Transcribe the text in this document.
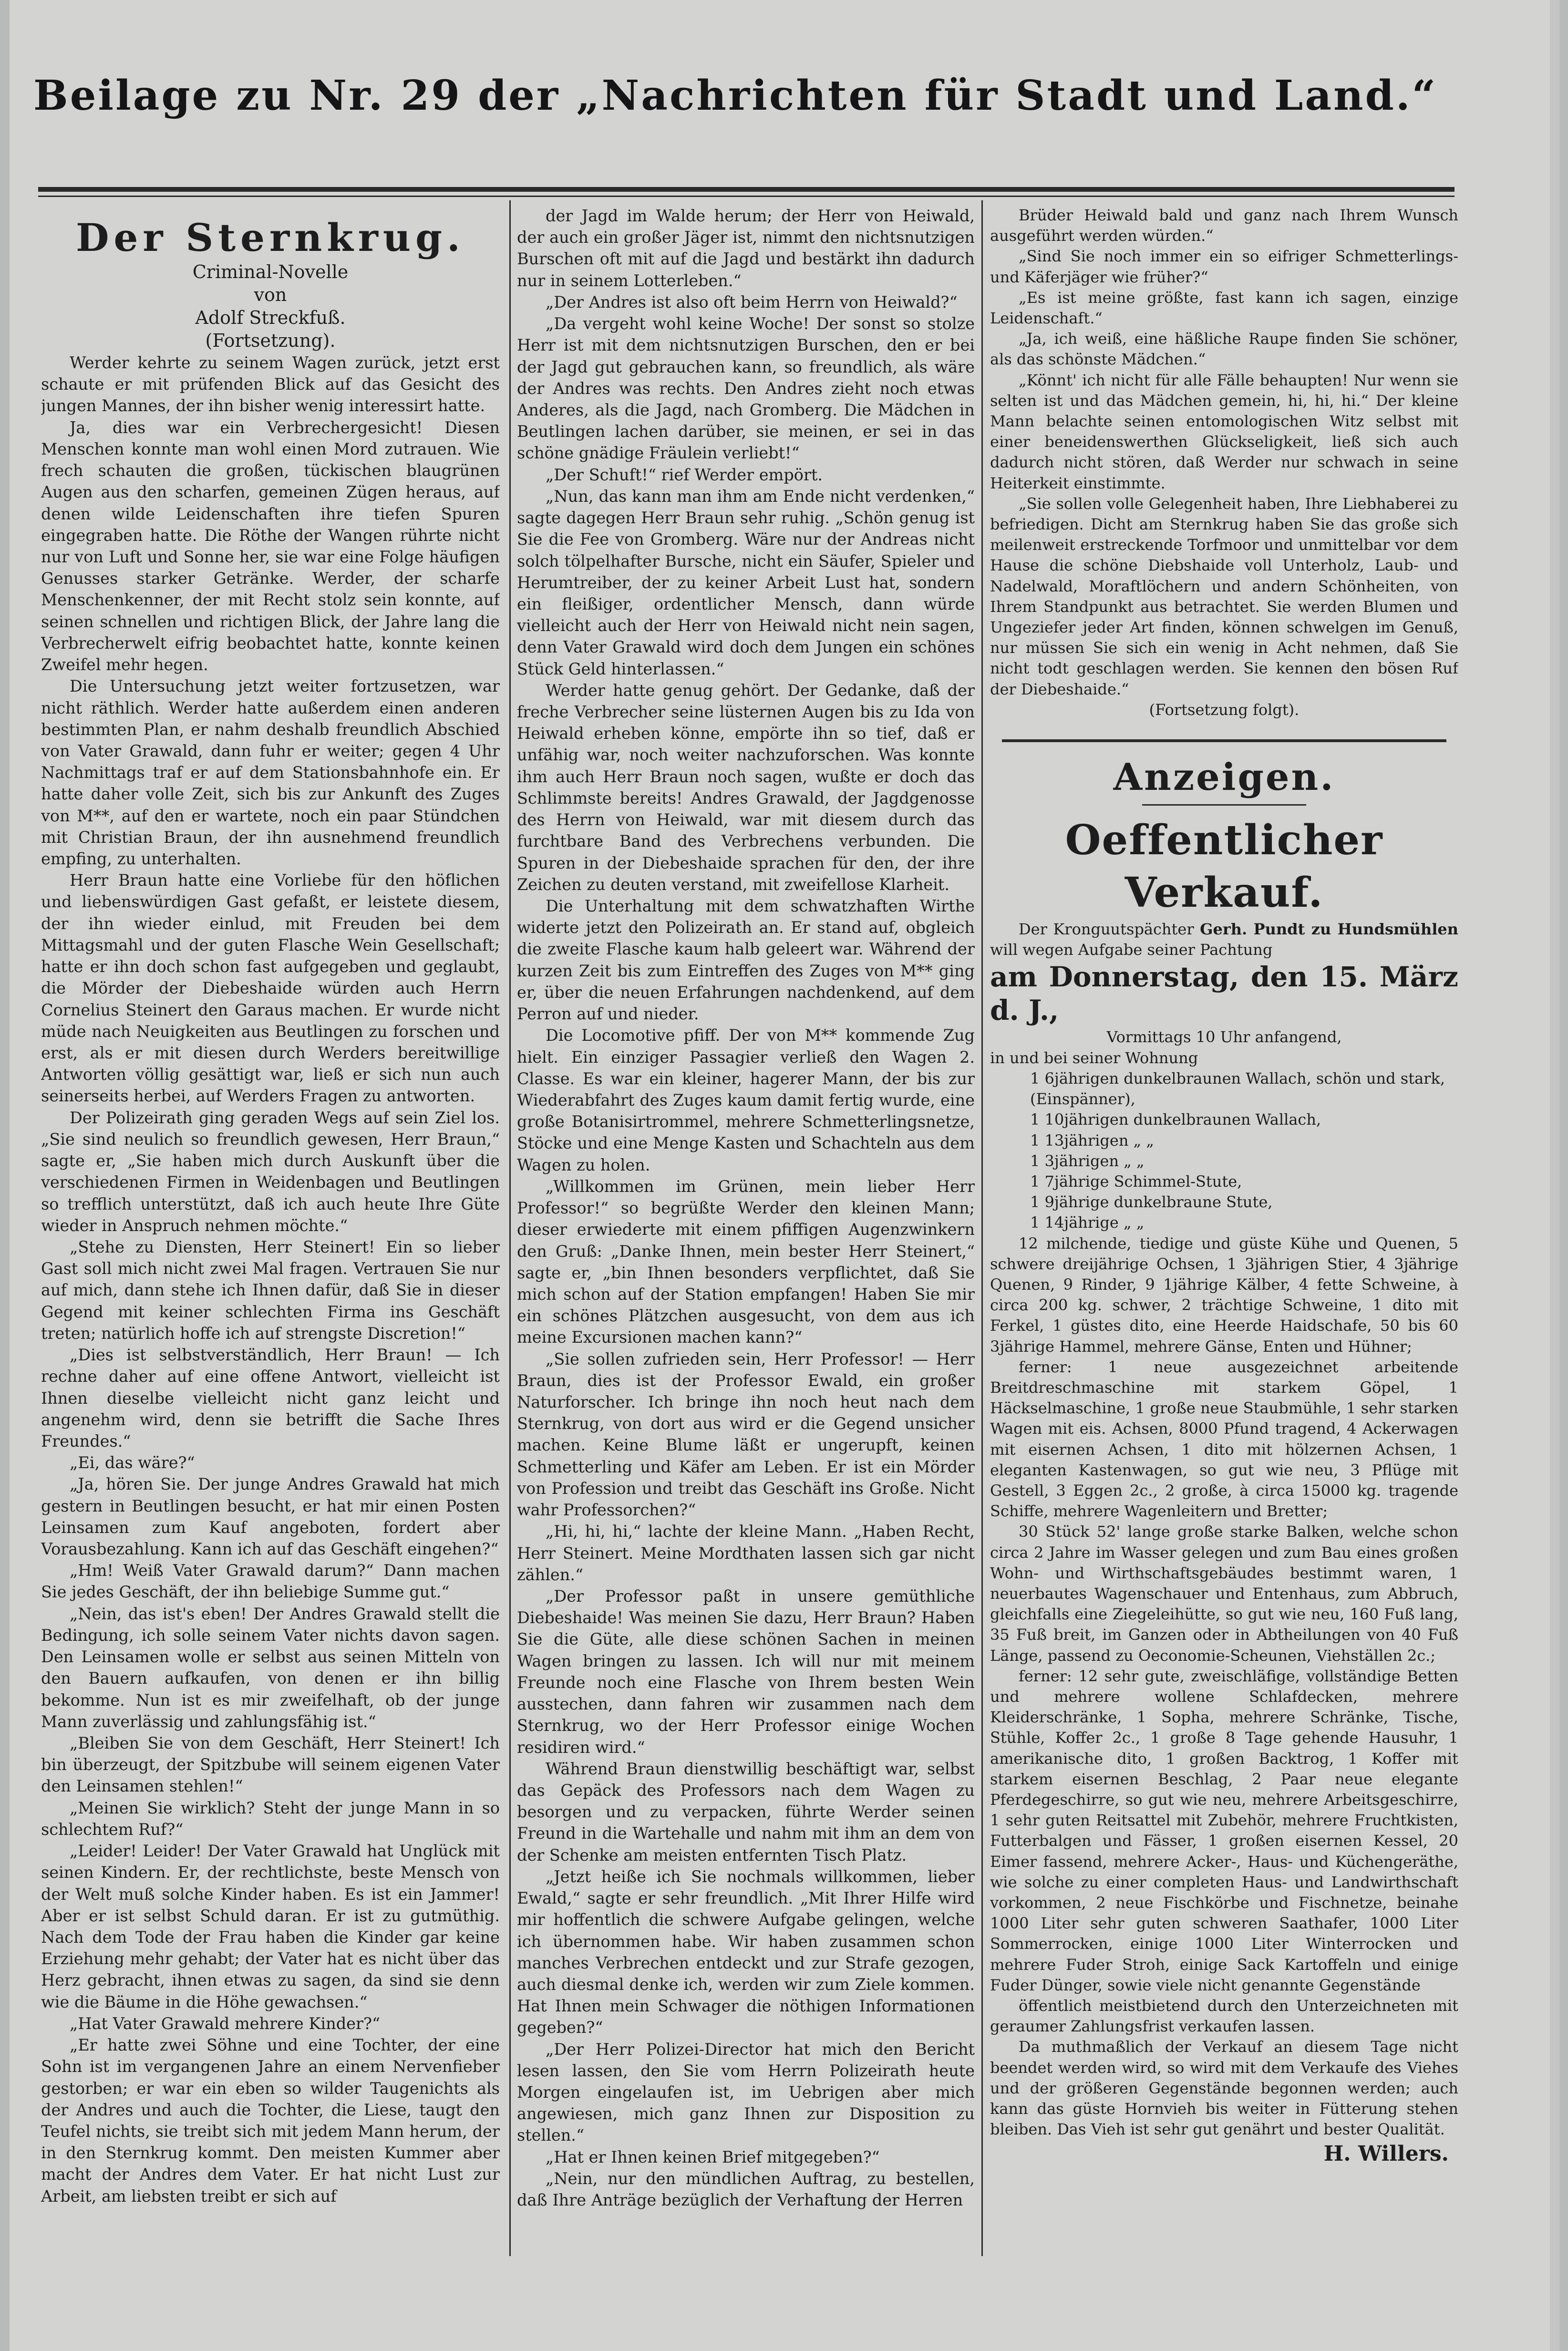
Beilage zu Nr. 29 der „Nachrichten für Stadt und Land.“
Der Sternkrug.
Criminal-Novelle
von
Adolf Streckfuß.
(Fortsetzung).

Werder kehrte zu seinem Wagen zurück, jetzt erst schaute er mit prüfenden Blick auf das Gesicht des jungen Mannes, der ihn bisher wenig interessirt hatte.

Ja, dies war ein Verbrechergesicht! Diesen Menschen konnte man wohl einen Mord zutrauen. Wie frech schauten die großen, tückischen blaugrünen Augen aus den scharfen, gemeinen Zügen heraus, auf denen wilde Leidenschaften ihre tiefen Spuren eingegraben hatte. Die Röthe der Wangen rührte nicht nur von Luft und Sonne her, sie war eine Folge häufigen Genusses starker Getränke. Werder, der scharfe Menschenkenner, der mit Recht stolz sein konnte, auf seinen schnellen und richtigen Blick, der Jahre lang die Verbrecherwelt eifrig beobachtet hatte, konnte keinen Zweifel mehr hegen.

Die Untersuchung jetzt weiter fortzusetzen, war nicht räthlich. Werder hatte außerdem einen anderen bestimmten Plan, er nahm deshalb freundlich Abschied von Vater Grawald, dann fuhr er weiter; gegen 4 Uhr Nachmittags traf er auf dem Stationsbahnhofe ein. Er hatte daher volle Zeit, sich bis zur Ankunft des Zuges von M**, auf den er wartete, noch ein paar Stündchen mit Christian Braun, der ihn ausnehmend freundlich empfing, zu unterhalten.

Herr Braun hatte eine Vorliebe für den höflichen und liebenswürdigen Gast gefaßt, er leistete diesem, der ihn wieder einlud, mit Freuden bei dem Mittagsmahl und der guten Flasche Wein Gesellschaft; hatte er ihn doch schon fast aufgegeben und geglaubt, die Mörder der Diebeshaide würden auch Herrn Cornelius Steinert den Garaus machen. Er wurde nicht müde nach Neuigkeiten aus Beutlingen zu forschen und erst, als er mit diesen durch Werders bereitwillige Antworten völlig gesättigt war, ließ er sich nun auch seinerseits herbei, auf Werders Fragen zu antworten.

Der Polizeirath ging geraden Wegs auf sein Ziel los. „Sie sind neulich so freundlich gewesen, Herr Braun,“ sagte er, „Sie haben mich durch Auskunft über die verschiedenen Firmen in Weidenbagen und Beutlingen so trefflich unterstützt, daß ich auch heute Ihre Güte wieder in Anspruch nehmen möchte.“

„Stehe zu Diensten, Herr Steinert! Ein so lieber Gast soll mich nicht zwei Mal fragen. Vertrauen Sie nur auf mich, dann stehe ich Ihnen dafür, daß Sie in dieser Gegend mit keiner schlechten Firma ins Geschäft treten; natürlich hoffe ich auf strengste Discretion!“

„Dies ist selbstverständlich, Herr Braun! — Ich rechne daher auf eine offene Antwort, vielleicht ist Ihnen dieselbe vielleicht nicht ganz leicht und angenehm wird, denn sie betrifft die Sache Ihres Freundes.“

„Ei, das wäre?“

„Ja, hören Sie. Der junge Andres Grawald hat mich gestern in Beutlingen besucht, er hat mir einen Posten Leinsamen zum Kauf angeboten, fordert aber Vorausbezahlung. Kann ich auf das Geschäft eingehen?“

„Hm! Weiß Vater Grawald darum?“ Dann machen Sie jedes Geschäft, der ihn beliebige Summe gut.“

„Nein, das ist's eben! Der Andres Grawald stellt die Bedingung, ich solle seinem Vater nichts davon sagen. Den Leinsamen wolle er selbst aus seinen Mitteln von den Bauern aufkaufen, von denen er ihn billig bekomme. Nun ist es mir zweifelhaft, ob der junge Mann zuverlässig und zahlungsfähig ist.“

„Bleiben Sie von dem Geschäft, Herr Steinert! Ich bin überzeugt, der Spitzbube will seinem eigenen Vater den Leinsamen stehlen!“

„Meinen Sie wirklich? Steht der junge Mann in so schlechtem Ruf?“

„Leider! Leider! Der Vater Grawald hat Unglück mit seinen Kindern. Er, der rechtlichste, beste Mensch von der Welt muß solche Kinder haben. Es ist ein Jammer! Aber er ist selbst Schuld daran. Er ist zu gutmüthig. Nach dem Tode der Frau haben die Kinder gar keine Erziehung mehr gehabt; der Vater hat es nicht über das Herz gebracht, ihnen etwas zu sagen, da sind sie denn wie die Bäume in die Höhe gewachsen.“

„Hat Vater Grawald mehrere Kinder?“

„Er hatte zwei Söhne und eine Tochter, der eine Sohn ist im vergangenen Jahre an einem Nervenfieber gestorben; er war ein eben so wilder Taugenichts als der Andres und auch die Tochter, die Liese, taugt den Teufel nichts, sie treibt sich mit jedem Mann herum, der in den Sternkrug kommt. Den meisten Kummer aber macht der Andres dem Vater. Er hat nicht Lust zur Arbeit, am liebsten treibt er sich auf

der Jagd im Walde herum; der Herr von Heiwald, der auch ein großer Jäger ist, nimmt den nichtsnutzigen Burschen oft mit auf die Jagd und bestärkt ihn dadurch nur in seinem Lotterleben.“

„Der Andres ist also oft beim Herrn von Heiwald?“

„Da vergeht wohl keine Woche! Der sonst so stolze Herr ist mit dem nichtsnutzigen Burschen, den er bei der Jagd gut gebrauchen kann, so freundlich, als wäre der Andres was rechts. Den Andres zieht noch etwas Anderes, als die Jagd, nach Gromberg. Die Mädchen in Beutlingen lachen darüber, sie meinen, er sei in das schöne gnädige Fräulein verliebt!“

„Der Schuft!“ rief Werder empört.

„Nun, das kann man ihm am Ende nicht verdenken,“ sagte dagegen Herr Braun sehr ruhig. „Schön genug ist Sie die Fee von Gromberg. Wäre nur der Andreas nicht solch tölpelhafter Bursche, nicht ein Säufer, Spieler und Herumtreiber, der zu keiner Arbeit Lust hat, sondern ein fleißiger, ordentlicher Mensch, dann würde vielleicht auch der Herr von Heiwald nicht nein sagen, denn Vater Grawald wird doch dem Jungen ein schönes Stück Geld hinterlassen.“

Werder hatte genug gehört. Der Gedanke, daß der freche Verbrecher seine lüsternen Augen bis zu Ida von Heiwald erheben könne, empörte ihn so tief, daß er unfähig war, noch weiter nachzuforschen. Was konnte ihm auch Herr Braun noch sagen, wußte er doch das Schlimmste bereits! Andres Grawald, der Jagdgenosse des Herrn von Heiwald, war mit diesem durch das furchtbare Band des Verbrechens verbunden. Die Spuren in der Diebeshaide sprachen für den, der ihre Zeichen zu deuten verstand, mit zweifellose Klarheit.

Die Unterhaltung mit dem schwatzhaften Wirthe widerte jetzt den Polizeirath an. Er stand auf, obgleich die zweite Flasche kaum halb geleert war. Während der kurzen Zeit bis zum Eintreffen des Zuges von M** ging er, über die neuen Erfahrungen nachdenkend, auf dem Perron auf und nieder.

Die Locomotive pfiff. Der von M** kommende Zug hielt. Ein einziger Passagier verließ den Wagen 2. Classe. Es war ein kleiner, hagerer Mann, der bis zur Wiederabfahrt des Zuges kaum damit fertig wurde, eine große Botanisirtrommel, mehrere Schmetterlingsnetze, Stöcke und eine Menge Kasten und Schachteln aus dem Wagen zu holen.

„Willkommen im Grünen, mein lieber Herr Professor!“ so begrüßte Werder den kleinen Mann; dieser erwiederte mit einem pfiffigen Augenzwinkern den Gruß: „Danke Ihnen, mein bester Herr Steinert,“ sagte er, „bin Ihnen besonders verpflichtet, daß Sie mich schon auf der Station empfangen! Haben Sie mir ein schönes Plätzchen ausgesucht, von dem aus ich meine Excursionen machen kann?“

„Sie sollen zufrieden sein, Herr Professor! — Herr Braun, dies ist der Professor Ewald, ein großer Naturforscher. Ich bringe ihn noch heut nach dem Sternkrug, von dort aus wird er die Gegend unsicher machen. Keine Blume läßt er ungerupft, keinen Schmetterling und Käfer am Leben. Er ist ein Mörder von Profession und treibt das Geschäft ins Große. Nicht wahr Professorchen?“

„Hi, hi, hi,“ lachte der kleine Mann. „Haben Recht, Herr Steinert. Meine Mordthaten lassen sich gar nicht zählen.“

„Der Professor paßt in unsere gemüthliche Diebeshaide! Was meinen Sie dazu, Herr Braun? Haben Sie die Güte, alle diese schönen Sachen in meinen Wagen bringen zu lassen. Ich will nur mit meinem Freunde noch eine Flasche von Ihrem besten Wein ausstechen, dann fahren wir zusammen nach dem Sternkrug, wo der Herr Professor einige Wochen residiren wird.“

Während Braun dienstwillig beschäftigt war, selbst das Gepäck des Professors nach dem Wagen zu besorgen und zu verpacken, führte Werder seinen Freund in die Wartehalle und nahm mit ihm an dem von der Schenke am meisten entfernten Tisch Platz.

„Jetzt heiße ich Sie nochmals willkommen, lieber Ewald,“ sagte er sehr freundlich. „Mit Ihrer Hilfe wird mir hoffentlich die schwere Aufgabe gelingen, welche ich übernommen habe. Wir haben zusammen schon manches Verbrechen entdeckt und zur Strafe gezogen, auch diesmal denke ich, werden wir zum Ziele kommen. Hat Ihnen mein Schwager die nöthigen Informationen gegeben?“

„Der Herr Polizei-Director hat mich den Bericht lesen lassen, den Sie vom Herrn Polizeirath heute Morgen eingelaufen ist, im Uebrigen aber mich angewiesen, mich ganz Ihnen zur Disposition zu stellen.“

„Hat er Ihnen keinen Brief mitgegeben?“

„Nein, nur den mündlichen Auftrag, zu bestellen, daß Ihre Anträge bezüglich der Verhaftung der Herren

Brüder Heiwald bald und ganz nach Ihrem Wunsch ausgeführt werden würden.“

„Sind Sie noch immer ein so eifriger Schmetterlings- und Käferjäger wie früher?“

„Es ist meine größte, fast kann ich sagen, einzige Leidenschaft.“

„Ja, ich weiß, eine häßliche Raupe finden Sie schöner, als das schönste Mädchen.“

„Könnt' ich nicht für alle Fälle behaupten! Nur wenn sie selten ist und das Mädchen gemein, hi, hi, hi.“ Der kleine Mann belachte seinen entomologischen Witz selbst mit einer beneidenswerthen Glückseligkeit, ließ sich auch dadurch nicht stören, daß Werder nur schwach in seine Heiterkeit einstimmte.

„Sie sollen volle Gelegenheit haben, Ihre Liebhaberei zu befriedigen. Dicht am Sternkrug haben Sie das große sich meilenweit erstreckende Torfmoor und unmittelbar vor dem Hause die schöne Diebshaide voll Unterholz, Laub- und Nadelwald, Moraftlöchern und andern Schönheiten, von Ihrem Standpunkt aus betrachtet. Sie werden Blumen und Ungeziefer jeder Art finden, können schwelgen im Genuß, nur müssen Sie sich ein wenig in Acht nehmen, daß Sie nicht todt geschlagen werden. Sie kennen den bösen Ruf der Diebeshaide.“

(Fortsetzung folgt).

Anzeigen.
Oeffentlicher Verkauf.

Der Kronguutspächter Gerh. Pundt zu Hundsmühlen will wegen Aufgabe seiner Pachtung

am Donnerstag, den 15. März d. J.,

Vormittags 10 Uhr anfangend,

in und bei seiner Wohnung

1 6jährigen dunkelbraunen Wallach, schön und stark,

(Einspänner),

1 10jährigen dunkelbraunen Wallach,

1 13jährigen „ „

1 3jährigen „ „

1 7jährige Schimmel-Stute,

1 9jährige dunkelbraune Stute,

1 14jährige „ „

12 milchende, tiedige und güste Kühe und Quenen, 5 schwere dreijährige Ochsen, 1 3jährigen Stier, 4 3jährige Quenen, 9 Rinder, 9 1jährige Kälber, 4 fette Schweine, à circa 200 kg. schwer, 2 trächtige Schweine, 1 dito mit Ferkel, 1 güstes dito, eine Heerde Haidschafe, 50 bis 60 3jährige Hammel, mehrere Gänse, Enten und Hühner;

ferner: 1 neue ausgezeichnet arbeitende Breitdreschmaschine mit starkem Göpel, 1 Häckselmaschine, 1 große neue Staubmühle, 1 sehr starken Wagen mit eis. Achsen, 8000 Pfund tragend, 4 Ackerwagen mit eisernen Achsen, 1 dito mit hölzernen Achsen, 1 eleganten Kastenwagen, so gut wie neu, 3 Pflüge mit Gestell, 3 Eggen 2c., 2 große, à circa 15000 kg. tragende Schiffe, mehrere Wagenleitern und Bretter;

30 Stück 52' lange große starke Balken, welche schon circa 2 Jahre im Wasser gelegen und zum Bau eines großen Wohn- und Wirthschaftsgebäudes bestimmt waren, 1 neuerbautes Wagenschauer und Entenhaus, zum Abbruch, gleichfalls eine Ziegeleihütte, so gut wie neu, 160 Fuß lang, 35 Fuß breit, im Ganzen oder in Abtheilungen von 40 Fuß Länge, passend zu Oeconomie-Scheunen, Viehställen 2c.;

ferner: 12 sehr gute, zweischläfige, vollständige Betten und mehrere wollene Schlafdecken, mehrere Kleiderschränke, 1 Sopha, mehrere Schränke, Tische, Stühle, Koffer 2c., 1 große 8 Tage gehende Hausuhr, 1 amerikanische dito, 1 großen Backtrog, 1 Koffer mit starkem eisernen Beschlag, 2 Paar neue elegante Pferdegeschirre, so gut wie neu, mehrere Arbeitsgeschirre, 1 sehr guten Reitsattel mit Zubehör, mehrere Fruchtkisten, Futterbalgen und Fässer, 1 großen eisernen Kessel, 20 Eimer fassend, mehrere Acker-, Haus- und Küchengeräthe, wie solche zu einer completen Haus- und Landwirthschaft vorkommen, 2 neue Fischkörbe und Fischnetze, beinahe 1000 Liter sehr guten schweren Saathafer, 1000 Liter Sommerrocken, einige 1000 Liter Winterrocken und mehrere Fuder Stroh, einige Sack Kartoffeln und einige Fuder Dünger, sowie viele nicht genannte Gegenstände

öffentlich meistbietend durch den Unterzeichneten mit geraumer Zahlungsfrist verkaufen lassen.

Da muthmaßlich der Verkauf an diesem Tage nicht beendet werden wird, so wird mit dem Verkaufe des Viehes und der größeren Gegenstände begonnen werden; auch kann das güste Hornvieh bis weiter in Fütterung stehen bleiben. Das Vieh ist sehr gut genährt und bester Qualität.

H. Willers.
